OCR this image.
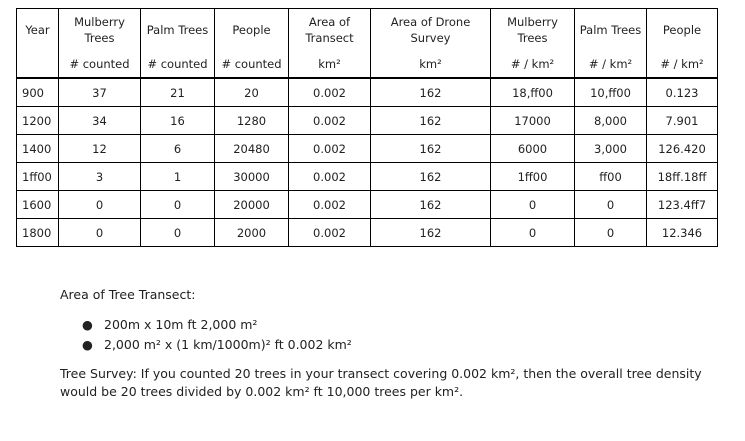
Year	Mulberry Trees	Palm Trees	People	Area of Transect	Area of Drone Survey	Mulberry Trees	Palm Trees	People
	# counted	# counted	# counted	km²	km²	# / km²	# / km²	# / km²
900	37	21	20	0.002	162	18,ff00	10,ff00	0.123
1200	34	16	1280	0.002	162	17000	8,000	7.901
1400	12	6	20480	0.002	162	6000	3,000	126.420
1ff00	3	1	30000	0.002	162	1ff00	ff00	18ff.18ff
1600	0	0	20000	0.002	162	0	0	123.4ff7
1800	0	0	2000	0.002	162	0	0	12.346
Area of Tree Transect:
● 200m x 10m ft 2,000 m²
● 2,000 m² x (1 km/1000m)² ft 0.002 km²
Tree Survey: If you counted 20 trees in your transect covering 0.002 km², then the overall tree density would be 20 trees divided by 0.002 km² ft 10,000 trees per km².
